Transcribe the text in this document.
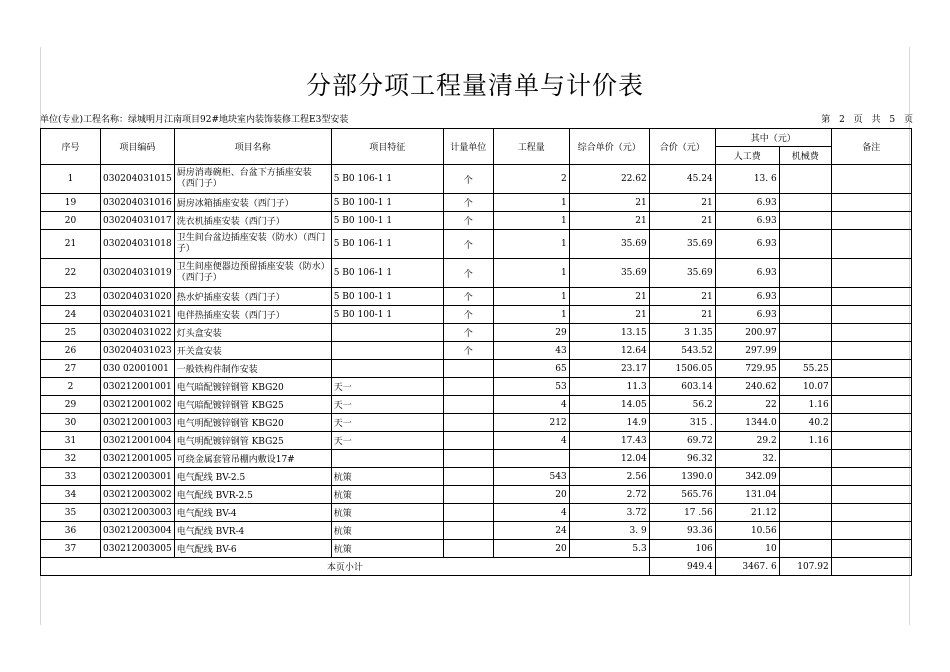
分部分项工程量清单与计价表
单位(专业)工程名称：绿城明月江南项目92#地块室内装饰装修工程E3型安装	第 2 页 共 5 页
序号	项目编码	项目名称	项目特征	计量单位	工程量	综合单价（元）	合价（元）	其中（元）		备注
								人工费	机械费	
1	030204031015	厨房消毒碗柜、台盆下方插座安装（西门子）	5 B0 106-1 1	个	2	22.62	45.24	13. 6		
19	030204031016	厨房冰箱插座安装（西门子）	5 B0 100-1 1	个	1	21	21	6.93		
20	030204031017	洗衣机插座安装（西门子）	5 B0 100-1 1	个	1	21	21	6.93		
21	030204031018	卫生间台盆边插座安装（防水）（西门子）	5 B0 106-1 1	个	1	35.69	35.69	6.93		
22	030204031019	卫生间座便器边预留插座安装（防水）（西门子）	5 B0 106-1 1	个	1	35.69	35.69	6.93		
23	030204031020	热水炉插座安装（西门子）	5 B0 100-1 1	个	1	21	21	6.93		
24	030204031021	电伴热插座安装（西门子）	5 B0 100-1 1	个	1	21	21	6.93		
25	030204031022	灯头盒安装		个	29	13.15	3 1.35	200.97		
26	030204031023	开关盒安装		个	43	12.64	543.52	297.99		
27	030 02001001	一般铁构件制作安装			65	23.17	1506.05	729.95	55.25	
2	030212001001	电气暗配镀锌钢管 KBG20	天一		53	11.3	603.14	240.62	10.07	
29	030212001002	电气暗配镀锌钢管 KBG25	天一		4	14.05	56.2	22	1.16	
30	030212001003	电气明配镀锌钢管 KBG20	天一		212	14.9	315 .	1344.0	40.2	
31	030212001004	电气明配镀锌钢管 KBG25	天一		4	17.43	69.72	29.2	1.16	
32	030212001005	可绕金属套管吊棚内敷设17#				12.04	96.32	32.		
33	030212003001	电气配线 BV-2.5	杭策		543	2.56	1390.0	342.09		
34	030212003002	电气配线 BVR-2.5	杭策		20	2.72	565.76	131.04		
35	030212003003	电气配线 BV-4	杭策		4	3.72	17 .56	21.12		
36	030212003004	电气配线 BVR-4	杭策		24	3. 9	93.36	10.56		
37	030212003005	电气配线 BV-6	杭策		20	5.3	106	10		
本页小计							949.4	3467. 6	107.92	
